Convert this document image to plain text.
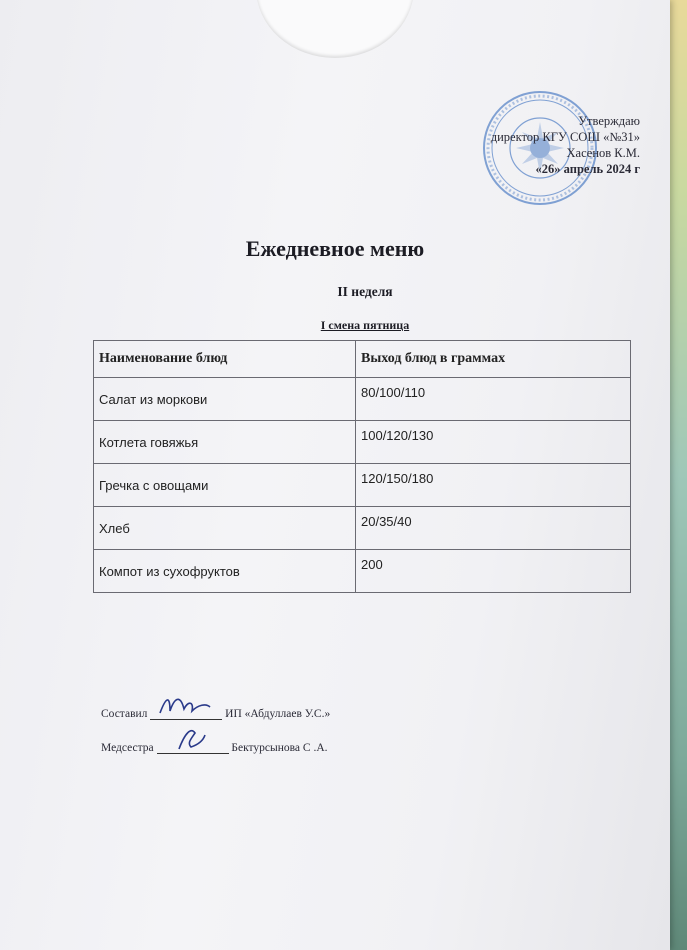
Утверждаю
директор КГУ СОШ «№31»
Хасенов К.М.
«26» апрель 2024 г
Ежедневное меню
II неделя
I смена пятница
Наименование блюд	Выход блюд в граммах
Салат из моркови	80/100/110
Котлета говяжья	100/120/130
Гречка с овощами	120/150/180
Хлеб	20/35/40
Компот из сухофруктов	200
Составил	ИП «Абдуллаев У.С.»
Медсестра	Бектурсынова С .А.
